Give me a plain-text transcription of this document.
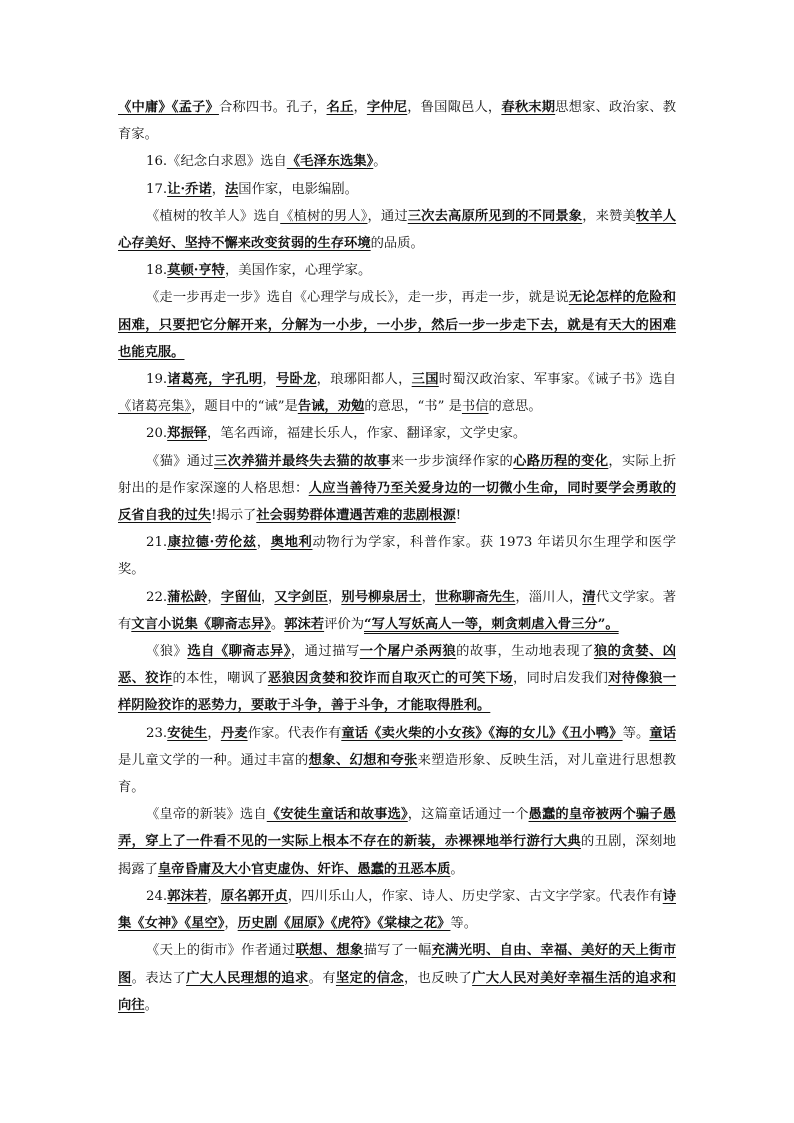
《中庸》《孟子》合称四书。孔子，名丘，字仲尼，鲁国陬邑人，春秋末期思想家、政治家、教育家。

16.《纪念白求恩》选自《毛泽东选集》。

17.让·乔诺，法国作家，电影编剧。

《植树的牧羊人》选自《植树的男人》，通过三次去高原所见到的不同景象，来赞美牧羊人心存美好、坚持不懈来改变贫弱的生存环境的品质。

18.莫顿·亨特，美国作家，心理学家。

《走一步再走一步》选自《心理学与成长》，走一步，再走一步，就是说无论怎样的危险和困难，只要把它分解开来，分解为一小步，一小步，然后一步一步走下去，就是有天大的困难也能克服。

19.诸葛亮，字孔明，号卧龙，琅琊阳都人，三国时蜀汉政治家、军事家。《诫子书》选自《诸葛亮集》，题目中的“诫”是告诫，劝勉的意思，“书” 是书信的意思。

20.郑振铎，笔名西谛，福建长乐人，作家、翻译家，文学史家。

《猫》通过三次养猫并最终失去猫的故事来一步步演绎作家的心路历程的变化，实际上折射出的是作家深邃的人格思想：人应当善待乃至关爱身边的一切微小生命，同时要学会勇敢的反省自我的过失!揭示了社会弱势群体遭遇苦难的悲剧根源!

21.康拉德·劳伦兹，奥地利动物行为学家，科普作家。获 1973 年诺贝尔生理学和医学奖。

22.蒲松龄，字留仙，又字剑臣，别号柳泉居士，世称聊斋先生，淄川人，清代文学家。著有文言小说集《聊斋志异》。郭沫若评价为“写人写妖高人一等，刺贪刺虐入骨三分”。

《狼》选自《聊斋志异》，通过描写一个屠户杀两狼的故事，生动地表现了狼的贪婪、凶恶、狡诈的本性，嘲讽了恶狼因贪婪和狡诈而自取灭亡的可笑下场，同时启发我们对待像狼一样阴险狡诈的恶势力，要敢于斗争，善于斗争，才能取得胜利。

23.安徒生，丹麦作家。代表作有童话《卖火柴的小女孩》《海的女儿》《丑小鸭》等。童话是儿童文学的一种。通过丰富的想象、幻想和夸张来塑造形象、反映生活，对儿童进行思想教育。

《皇帝的新装》选自《安徒生童话和故事选》，这篇童话通过一个愚蠢的皇帝被两个骗子愚弄，穿上了一件看不见的一实际上根本不存在的新装，赤裸裸地举行游行大典的丑剧，深刻地揭露了皇帝昏庸及大小官吏虚伪、奸诈、愚蠢的丑恶本质。

24.郭沫若，原名郭开贞，四川乐山人，作家、诗人、历史学家、古文字学家。代表作有诗集《女神》《星空》，历史剧《屈原》《虎符》《棠棣之花》等。

《天上的街市》作者通过联想、想象描写了一幅充满光明、自由、幸福、美好的天上街市图。表达了广大人民理想的追求。有坚定的信念，也反映了广大人民对美好幸福生活的追求和向往。
